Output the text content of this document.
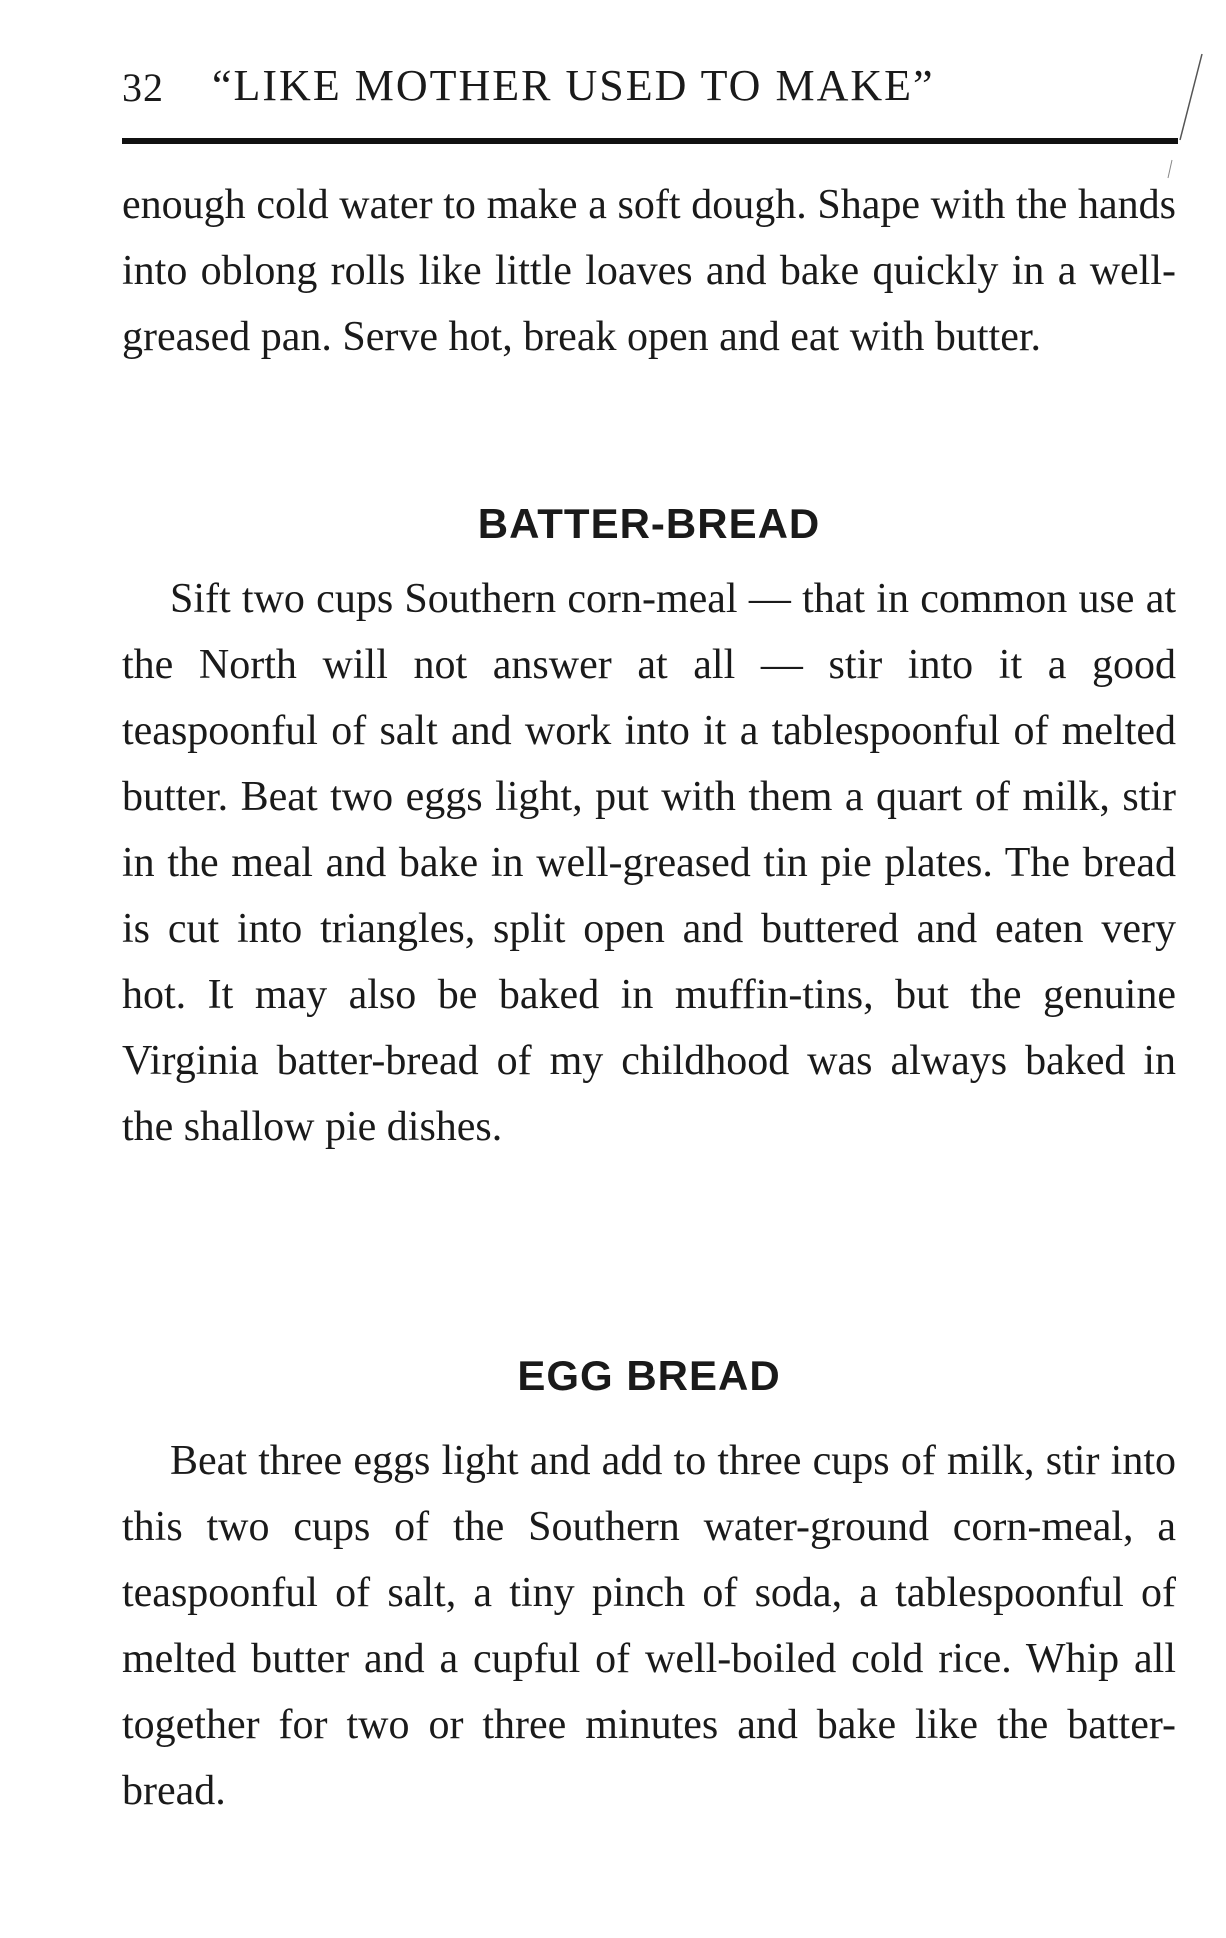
32 “LIKE MOTHER USED TO MAKE”

enough cold water to make a soft dough. Shape with the hands into oblong rolls like little loaves and bake quickly in a well-greased pan. Serve hot, break open and eat with butter.

BATTER-BREAD

Sift two cups Southern corn-meal — that in common use at the North will not answer at all — stir into it a good teaspoonful of salt and work into it a tablespoonful of melted butter. Beat two eggs light, put with them a quart of milk, stir in the meal and bake in well-greased tin pie plates. The bread is cut into triangles, split open and buttered and eaten very hot. It may also be baked in muffin-tins, but the genuine Virginia batter-bread of my childhood was always baked in the shallow pie dishes.

EGG BREAD

Beat three eggs light and add to three cups of milk, stir into this two cups of the Southern water-ground corn-meal, a teaspoonful of salt, a tiny pinch of soda, a tablespoonful of melted butter and a cupful of well-boiled cold rice. Whip all together for two or three minutes and bake like the batter-bread.
